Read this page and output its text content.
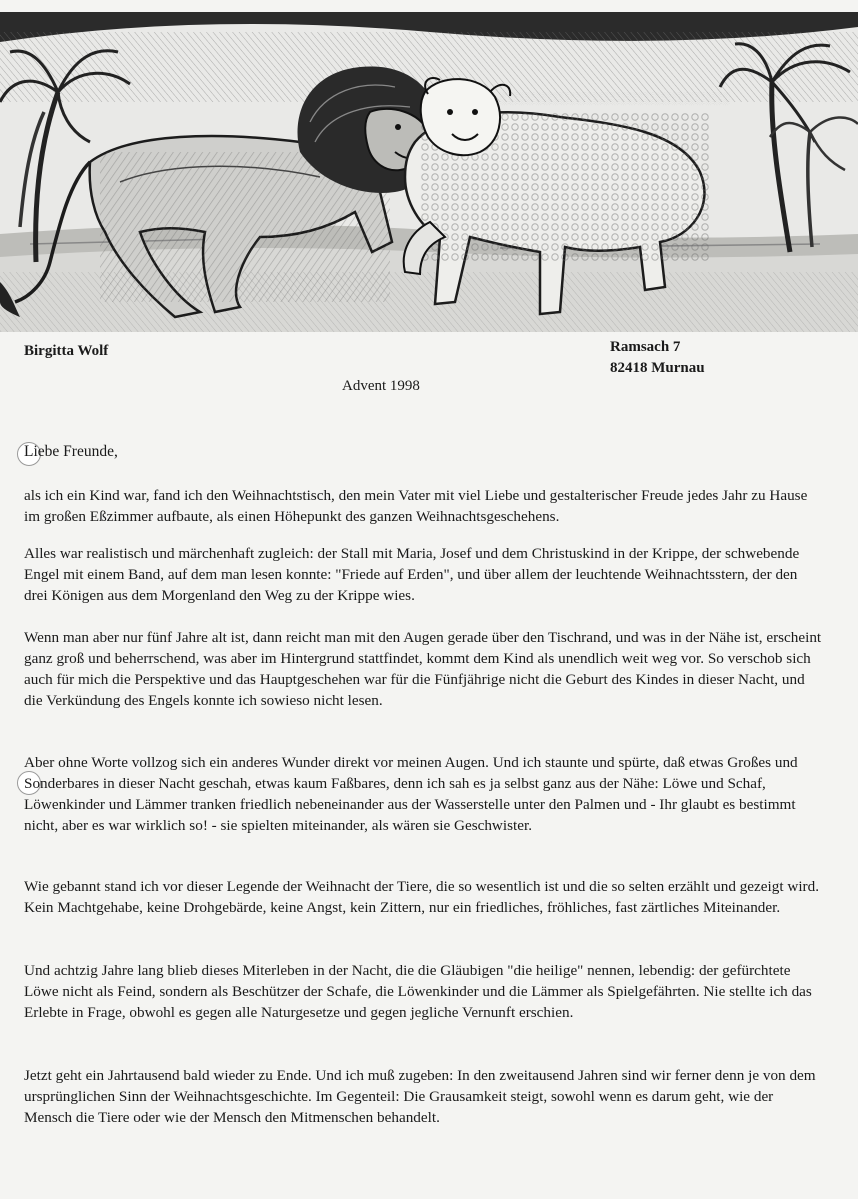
░░░░░░░░░░░░░░░░░░░░░░░░░░░
Birgitta Wolf	Ramsach 7
82418 Murnau
Advent 1998
Liebe Freunde,

als ich ein Kind war, fand ich den Weihnachtstisch, den mein Vater mit viel Liebe und gestalterischer Freude jedes Jahr zu Hause im großen Eßzimmer aufbaute, als einen Höhepunkt des ganzen Weihnachtsgeschehens.

Alles war realistisch und märchenhaft zugleich: der Stall mit Maria, Josef und dem Christuskind in der Krippe, der schwebende Engel mit einem Band, auf dem man lesen konnte: "Friede auf Erden", und über allem der leuchtende Weihnachtsstern, der den drei Königen aus dem Morgenland den Weg zu der Krippe wies.

Wenn man aber nur fünf Jahre alt ist, dann reicht man mit den Augen gerade über den Tischrand, und was in der Nähe ist, erscheint ganz groß und beherrschend, was aber im Hintergrund stattfindet, kommt dem Kind als unendlich weit weg vor. So verschob sich auch für mich die Perspektive und das Hauptgeschehen war für die Fünfjährige nicht die Geburt des Kindes in dieser Nacht, und die Verkündung des Engels konnte ich sowieso nicht lesen.

Aber ohne Worte vollzog sich ein anderes Wunder direkt vor meinen Augen. Und ich staunte und spürte, daß etwas Großes und Sonderbares in dieser Nacht geschah, etwas kaum Faßbares, denn ich sah es ja selbst ganz aus der Nähe: Löwe und Schaf, Löwenkinder und Lämmer tranken friedlich nebeneinander aus der Wasserstelle unter den Palmen und - Ihr glaubt es bestimmt nicht, aber es war wirklich so! - sie spielten miteinander, als wären sie Geschwister.

Wie gebannt stand ich vor dieser Legende der Weihnacht der Tiere, die so wesentlich ist und die so selten erzählt und gezeigt wird. Kein Machtgehabe, keine Drohgebärde, keine Angst, kein Zittern, nur ein friedliches, fröhliches, fast zärtliches Miteinander.

Und achtzig Jahre lang blieb dieses Miterleben in der Nacht, die die Gläubigen "die heilige" nennen, lebendig: der gefürchtete Löwe nicht als Feind, sondern als Beschützer der Schafe, die Löwenkinder und die Lämmer als Spielgefährten. Nie stellte ich das Erlebte in Frage, obwohl es gegen alle Naturgesetze und gegen jegliche Vernunft erschien.

Jetzt geht ein Jahrtausend bald wieder zu Ende. Und ich muß zugeben: In den zweitausend Jahren sind wir ferner denn je von dem ursprünglichen Sinn der Weihnachtsgeschichte. Im Gegenteil: Die Grausamkeit steigt, sowohl wenn es darum geht, wie der Mensch die Tiere oder wie der Mensch den Mitmenschen behandelt.
